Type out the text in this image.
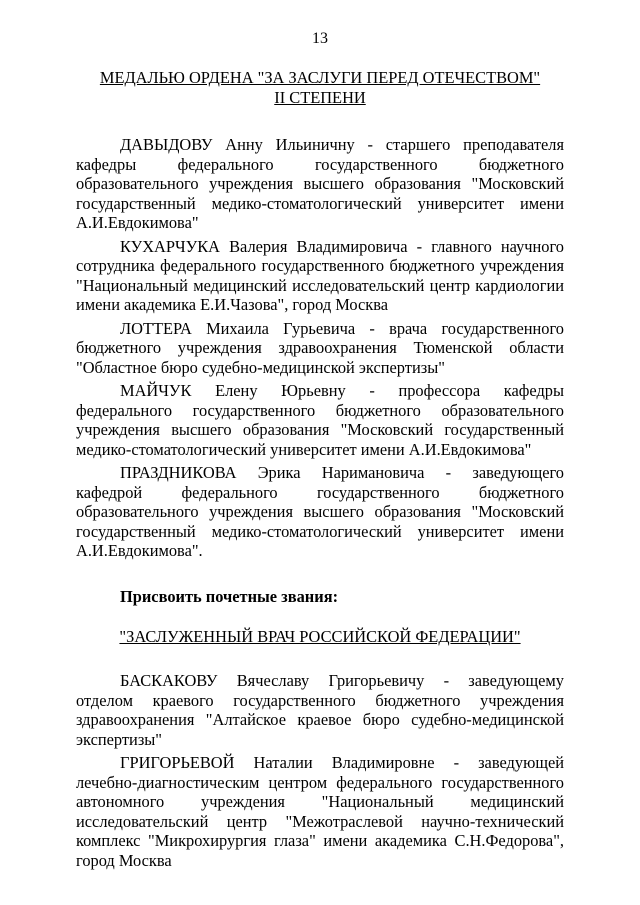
13
МЕДАЛЬЮ ОРДЕНА "ЗА ЗАСЛУГИ ПЕРЕД ОТЕЧЕСТВОМ"
II СТЕПЕНИ

ДАВЫДОВУ Анну Ильиничну - старшего преподавателя кафедры федерального государственного бюджетного образовательного учреждения высшего образования "Московский государственный медико-стоматологический университет имени А.И.Евдокимова"

КУХАРЧУКА Валерия Владимировича - главного научного сотрудника федерального государственного бюджетного учреждения "Национальный медицинский исследовательский центр кардиологии имени академика Е.И.Чазова", город Москва

ЛОТТЕРА Михаила Гурьевича - врача государственного бюджетного учреждения здравоохранения Тюменской области "Областное бюро судебно-медицинской экспертизы"

МАЙЧУК Елену Юрьевну - профессора кафедры федерального государственного бюджетного образовательного учреждения высшего образования "Московский государственный медико-стоматологический университет имени А.И.Евдокимова"

ПРАЗДНИКОВА Эрика Наримановича - заведующего кафедрой федерального государственного бюджетного образовательного учреждения высшего образования "Московский государственный медико-стоматологический университет имени А.И.Евдокимова".

Присвоить почетные звания:
"ЗАСЛУЖЕННЫЙ ВРАЧ РОССИЙСКОЙ ФЕДЕРАЦИИ"

БАСКАКОВУ Вячеславу Григорьевичу - заведующему отделом краевого государственного бюджетного учреждения здравоохранения "Алтайское краевое бюро судебно-медицинской экспертизы"

ГРИГОРЬЕВОЙ Наталии Владимировне - заведующей лечебно-диагностическим центром федерального государственного автономного учреждения "Национальный медицинский исследовательский центр "Межотраслевой научно-технический комплекс "Микрохирургия глаза" имени академика С.Н.Федорова", город Москва
